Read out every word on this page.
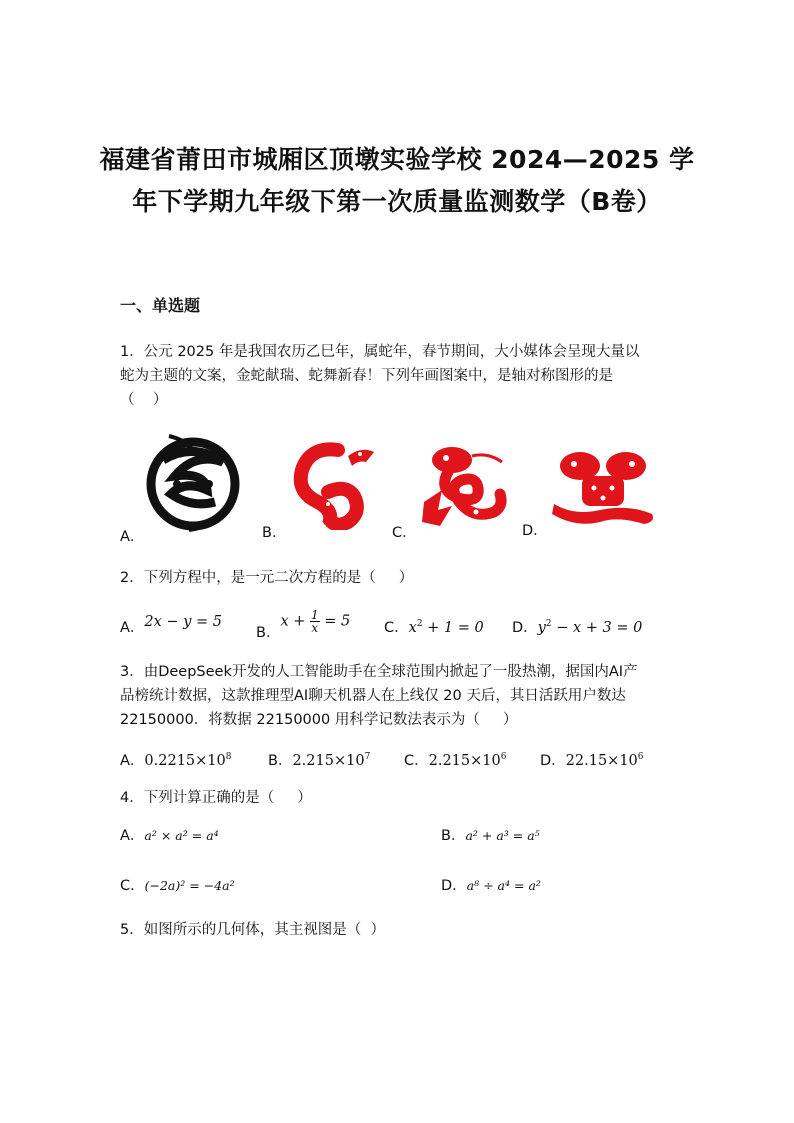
福建省莆田市城厢区顶墩实验学校 2024—2025 学
年下学期九年级下第一次质量监测数学（B卷）
一、单选题
1．公元 2025 年是我国农历乙巳年，属蛇年，春节期间，大小媒体会呈现大量以
蛇为主题的文案，金蛇献瑞、蛇舞新春！下列年画图案中，是轴对称图形的是
（    ）
A．	B．	C．	D．
2．下列方程中，是一元二次方程的是（     ）
A．2x − y = 5
B．$x + \frac{1}{x} = 5$ C．$x^2 + 1 = 0$ D．$y^2 - x + 3 = 0$
3．由DeepSeek开发的人工智能助手在全球范围内掀起了一股热潮，据国内AI产
品榜统计数据，这款推理型AI聊天机器人在上线仅 20 天后，其日活跃用户数达
22150000．将数据 22150000 用科学记数法表示为（     ）
A．$0.2215\times 10^8$	B．$2.215\times 10^7$ C．$2.215\times 10^6$ D．$22.15\times 10^6$
4．下列计算正确的是（     ）
A．a² × a² = a⁴	B．a² + a³ = a⁵
C．(−2a)² = −4a²	D．a⁸ ÷ a⁴ = a²
5．如图所示的几何体，其主视图是（  ）
